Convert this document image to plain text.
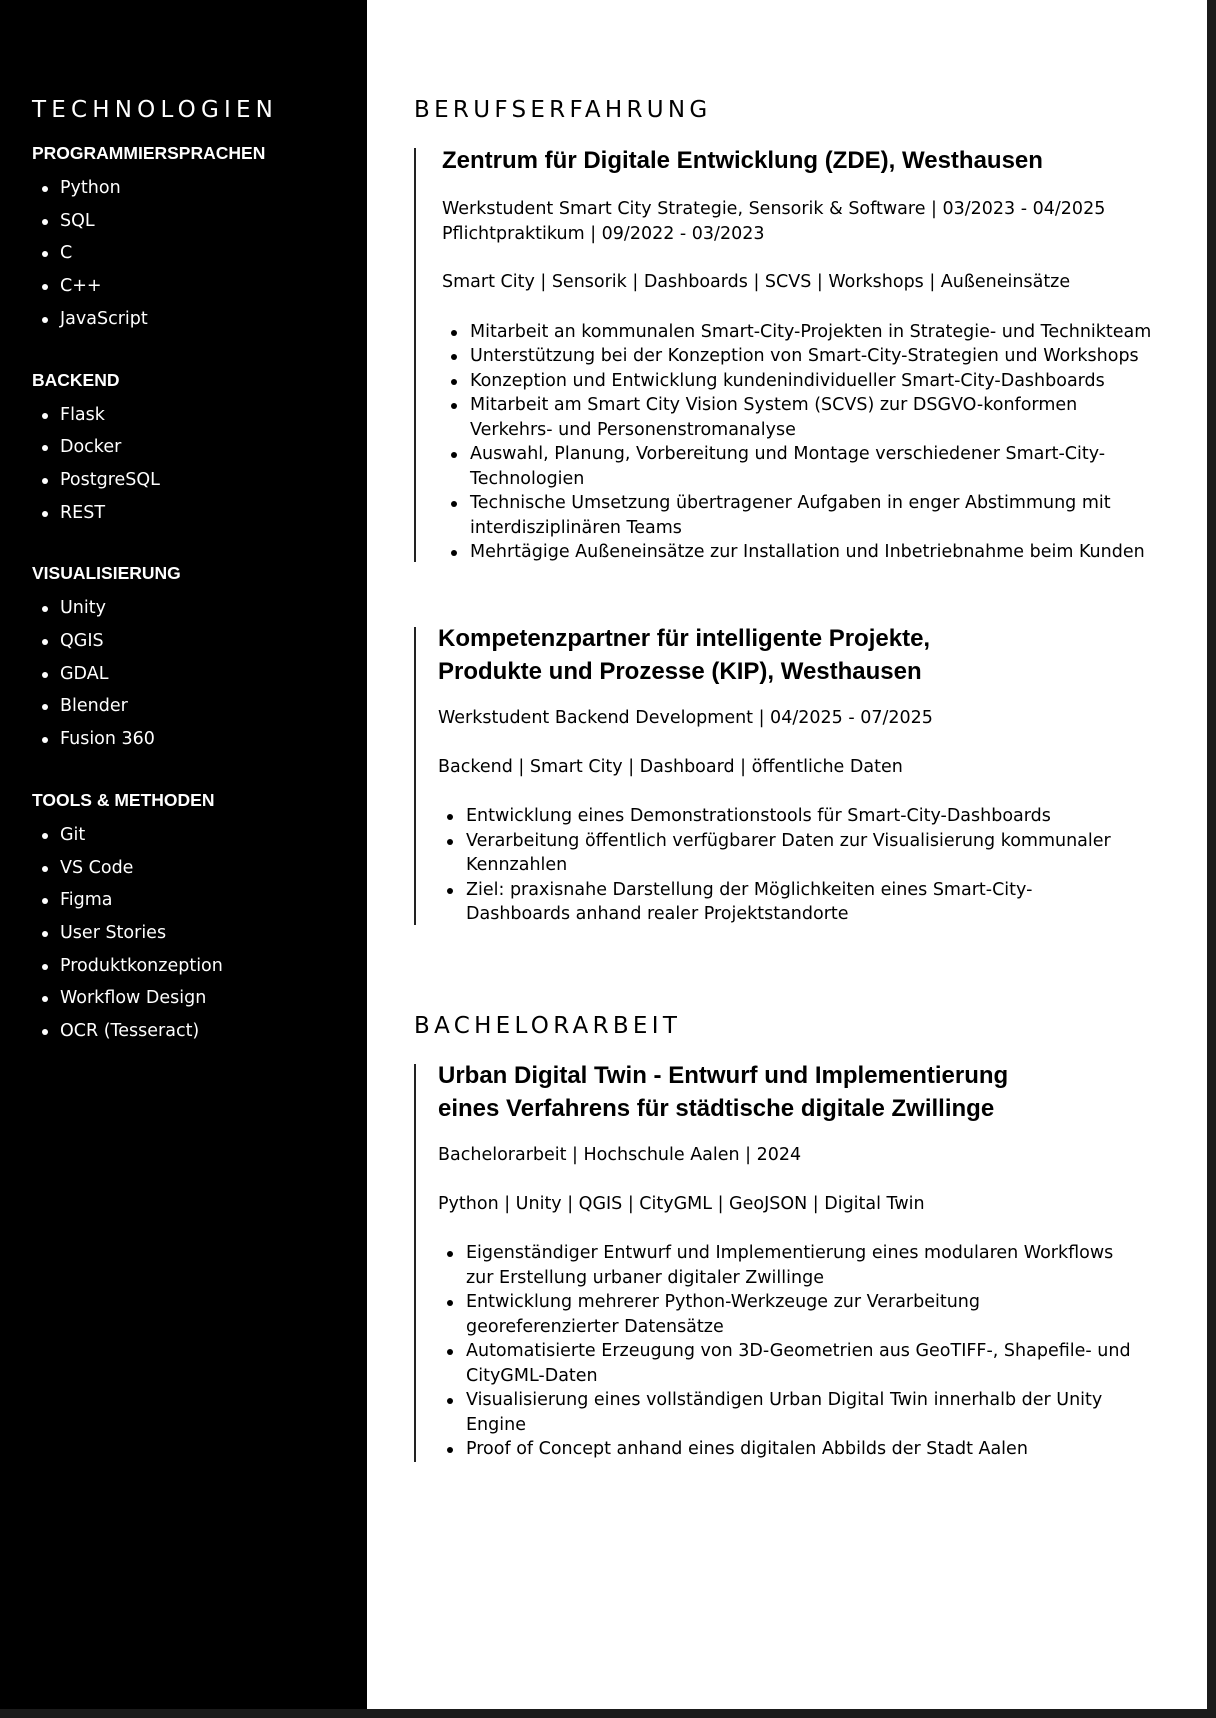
TECHNOLOGIEN
PROGRAMMIERSPRACHEN
Python
SQL
C
C++
JavaScript
BACKEND
Flask
Docker
PostgreSQL
REST
VISUALISIERUNG
Unity
QGIS
GDAL
Blender
Fusion 360
TOOLS & METHODEN
Git
VS Code
Figma
User Stories
Produktkonzeption
Workflow Design
OCR (Tesseract)
BERUFSERFAHRUNG
Zentrum für Digitale Entwicklung (ZDE), Westhausen

Werkstudent Smart City Strategie, Sensorik & Software | 03/2023 - 04/2025

Pflichtpraktikum | 09/2022 - 03/2023

Smart City | Sensorik | Dashboards | SCVS | Workshops | Außeneinsätze

Mitarbeit an kommunalen Smart-City-Projekten in Strategie- und Technikteam
Unterstützung bei der Konzeption von Smart-City-Strategien und Workshops
Konzeption und Entwicklung kundenindividueller Smart-City-Dashboards
Mitarbeit am Smart City Vision System (SCVS) zur DSGVO-konformen Verkehrs- und Personenstromanalyse
Auswahl, Planung, Vorbereitung und Montage verschiedener Smart-City-Technologien
Technische Umsetzung übertragener Aufgaben in enger Abstimmung mit interdisziplinären Teams
Mehrtägige Außeneinsätze zur Installation und Inbetriebnahme beim Kunden
Kompetenzpartner für intelligente Projekte,
Produkte und Prozesse (KIP), Westhausen

Werkstudent Backend Development | 04/2025 - 07/2025

Backend | Smart City | Dashboard | öffentliche Daten

Entwicklung eines Demonstrationstools für Smart-City-Dashboards
Verarbeitung öffentlich verfügbarer Daten zur Visualisierung kommunaler Kennzahlen
Ziel: praxisnahe Darstellung der Möglichkeiten eines Smart-City-Dashboards anhand realer Projektstandorte
BACHELORARBEIT
Urban Digital Twin - Entwurf und Implementierung
eines Verfahrens für städtische digitale Zwillinge

Bachelorarbeit | Hochschule Aalen | 2024

Python | Unity | QGIS | CityGML | GeoJSON | Digital Twin

Eigenständiger Entwurf und Implementierung eines modularen Workflows zur Erstellung urbaner digitaler Zwillinge
Entwicklung mehrerer Python-Werkzeuge zur Verarbeitung georeferenzierter Datensätze
Automatisierte Erzeugung von 3D-Geometrien aus GeoTIFF-, Shapefile- und CityGML-Daten
Visualisierung eines vollständigen Urban Digital Twin innerhalb der Unity Engine
Proof of Concept anhand eines digitalen Abbilds der Stadt Aalen
